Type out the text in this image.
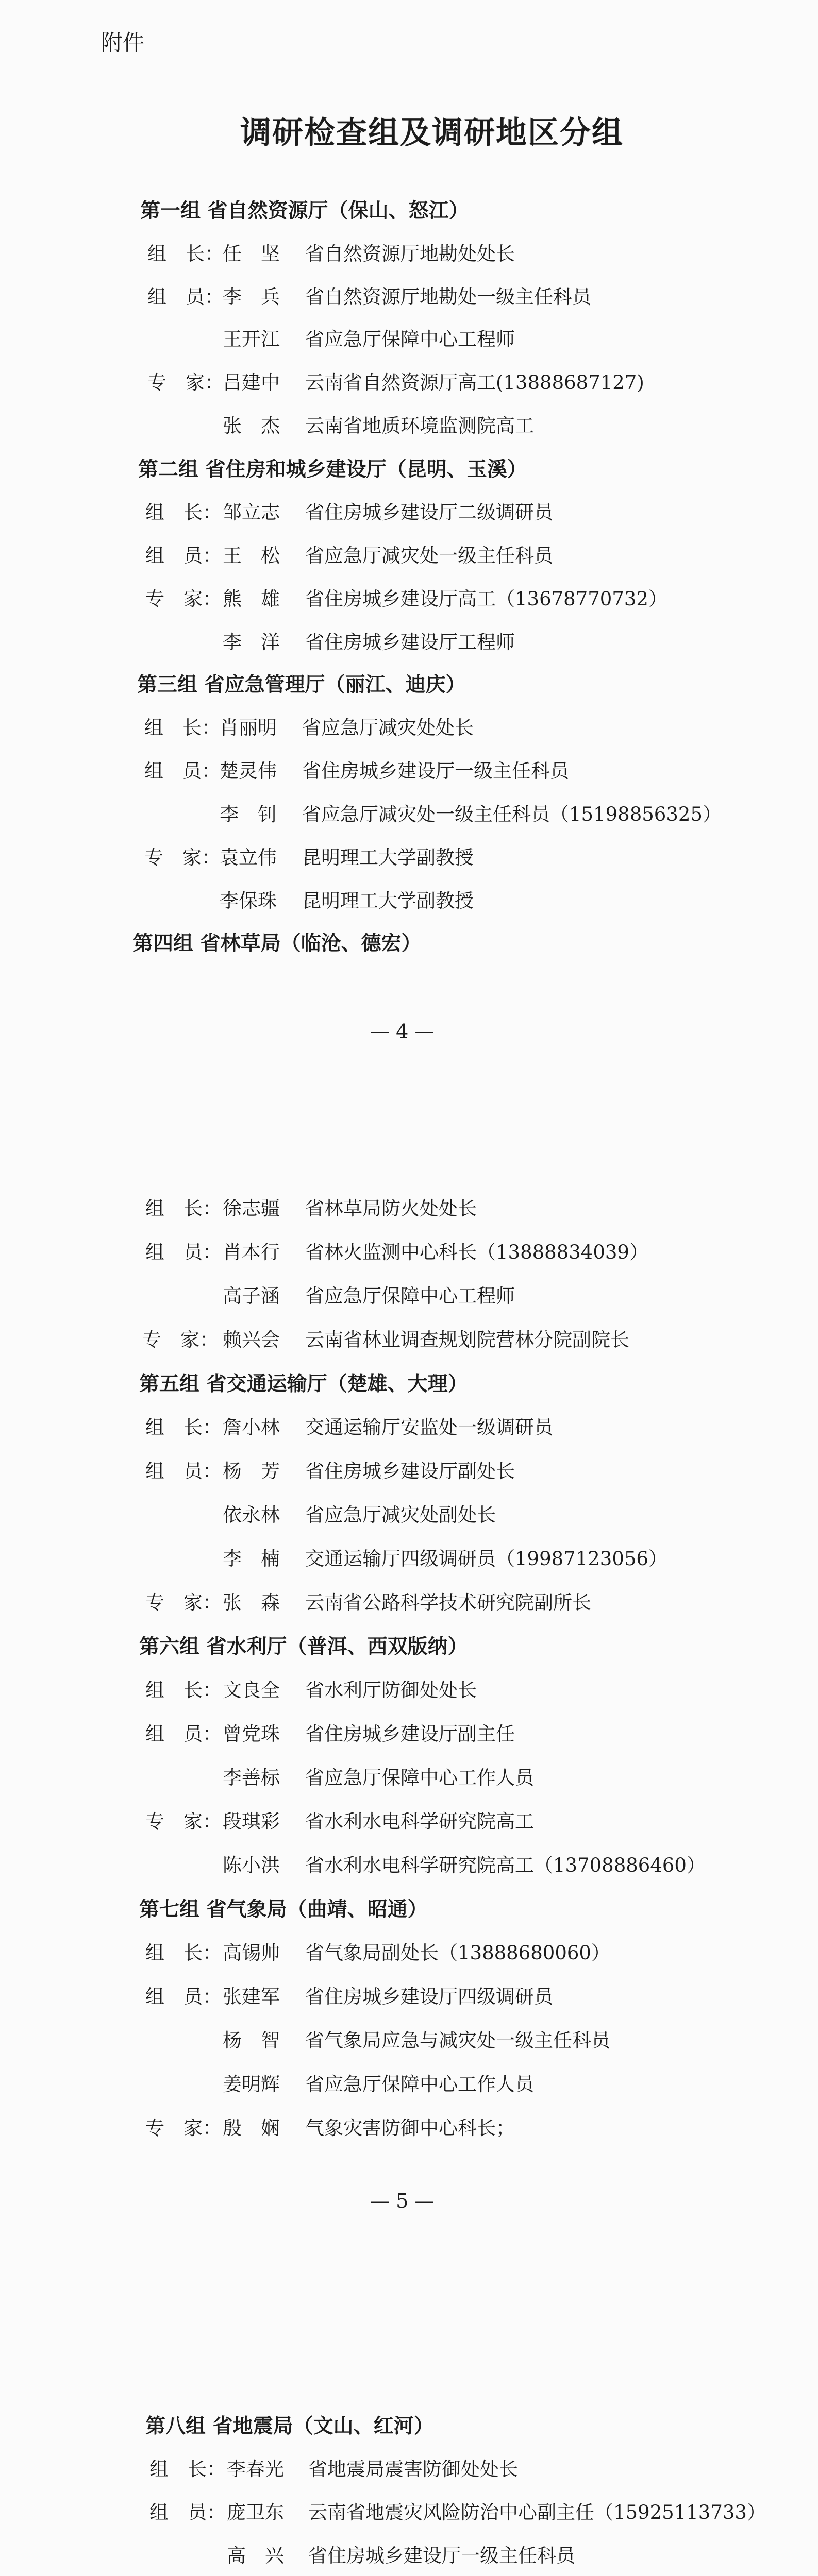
附件
调研检查组及调研地区分组
第一组 省自然资源厅（保山、怒江）
组　长：
任　坚 省自然资源厅地勘处处长
组　员：
李　兵 省自然资源厅地勘处一级主任科员
王开江 省应急厅保障中心工程师
专　家：
吕建中 云南省自然资源厅高工(13888687127)
张　杰 云南省地质环境监测院高工
第二组 省住房和城乡建设厅（昆明、玉溪）
组　长： 邹立志 省住房城乡建设厅二级调研员
组　员： 王　松 省应急厅减灾处一级主任科员
专　家： 熊　雄 省住房城乡建设厅高工（13678770732）
李　洋 省住房城乡建设厅工程师
第三组 省应急管理厅（丽江、迪庆）
组　长：
肖丽明 省应急厅减灾处处长
组　员：
楚灵伟 省住房城乡建设厅一级主任科员
李　钊 省应急厅减灾处一级主任科员（15198856325）
专　家：
袁立伟 昆明理工大学副教授
李保珠 昆明理工大学副教授
第四组 省林草局（临沧、德宏）
— 4 —
组　长： 徐志疆 省林草局防火处处长
组　员： 肖本行 省林火监测中心科长（13888834039）
高子涵 省应急厅保障中心工程师
专　家： 赖兴会 云南省林业调查规划院营林分院副院长
第五组 省交通运输厅（楚雄、大理）
组　长： 詹小林 交通运输厅安监处一级调研员
组　员： 杨　芳 省住房城乡建设厅副处长
依永林 省应急厅减灾处副处长
李　楠 交通运输厅四级调研员（19987123056）
专　家： 张　森 云南省公路科学技术研究院副所长
第六组 省水利厅（普洱、西双版纳）
组　长： 文良全 省水利厅防御处处长
组　员： 曾党珠 省住房城乡建设厅副主任
李善标 省应急厅保障中心工作人员
专　家： 段琪彩 省水利水电科学研究院高工
陈小洪 省水利水电科学研究院高工（13708886460）
第七组 省气象局（曲靖、昭通）
组　长： 高锡帅 省气象局副处长（13888680060）
组　员： 张建军 省住房城乡建设厅四级调研员
杨　智 省气象局应急与减灾处一级主任科员
姜明辉 省应急厅保障中心工作人员
专　家： 殷　娴 气象灾害防御中心科长；
— 5 —
第八组 省地震局（文山、红河）
组　长： 李春光 省地震局震害防御处处长
组　员： 庞卫东 云南省地震灾风险防治中心副主任（15925113733）
高　兴 省住房城乡建设厅一级主任科员
